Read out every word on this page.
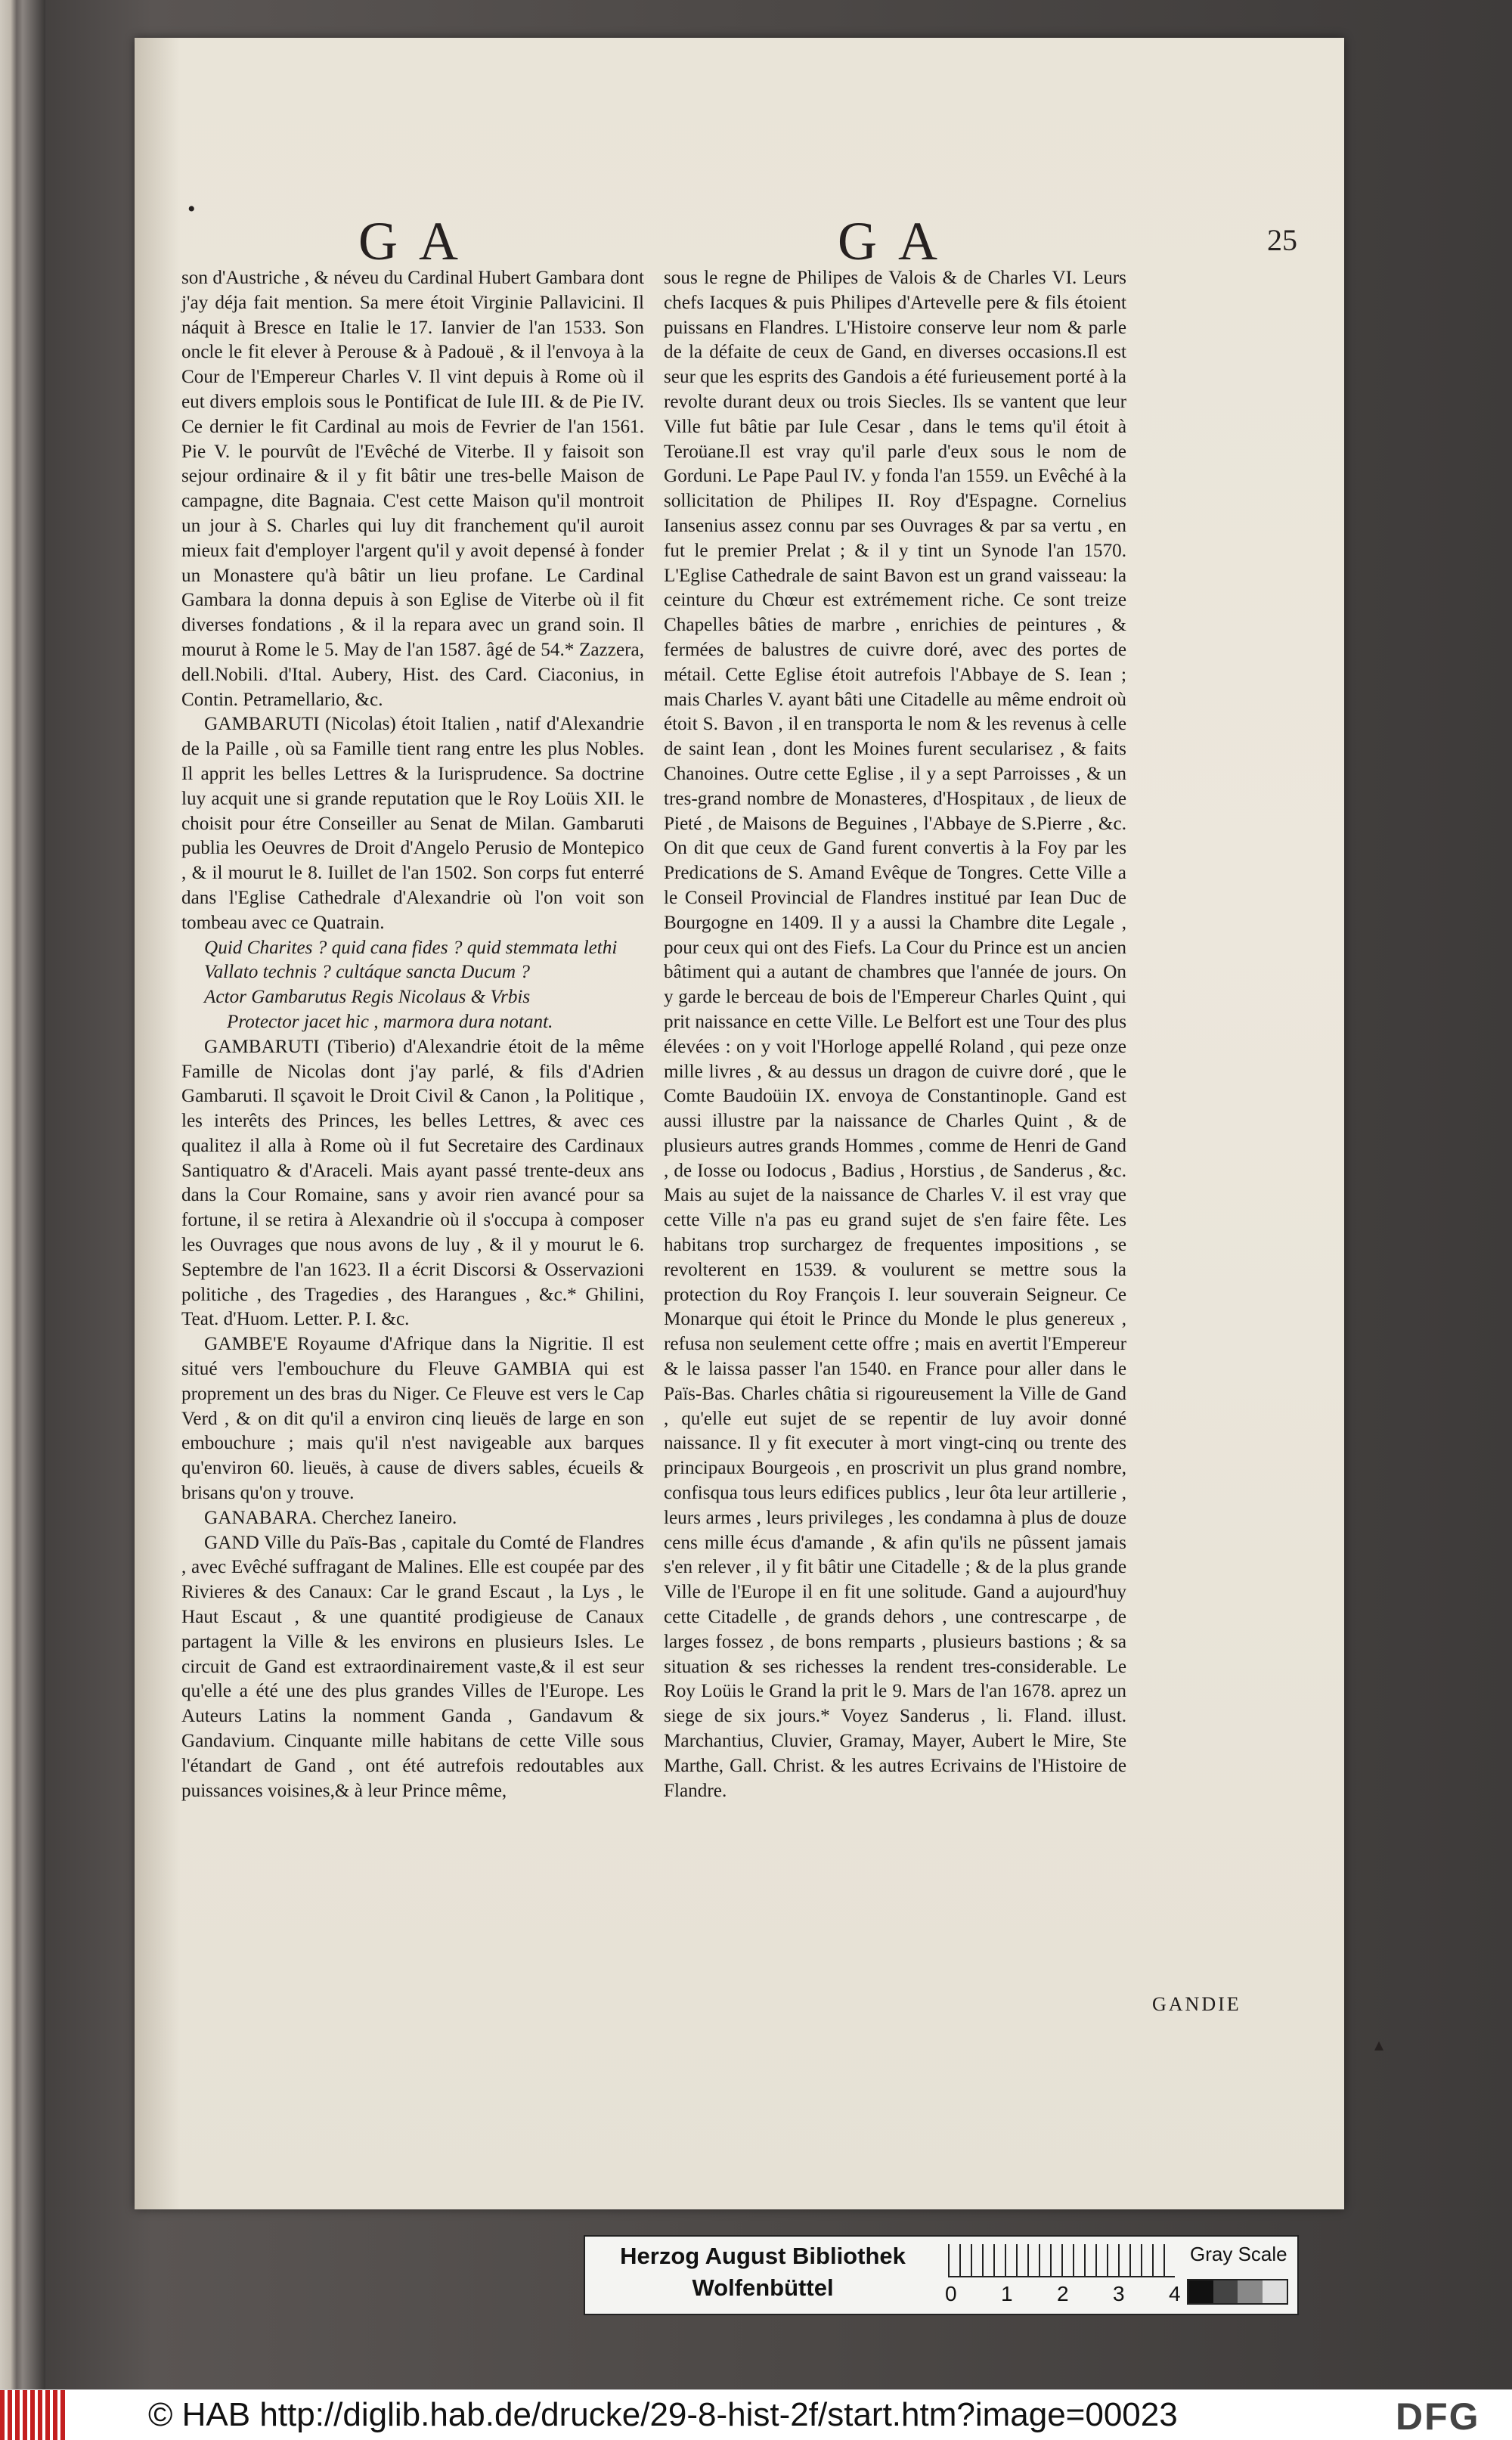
•
GA	GA	25

son d'Austriche , & néveu du Cardinal Hubert Gambara dont j'ay déja fait mention. Sa mere étoit Virginie Pallavicini. Il náquit à Bresce en Italie le 17. Ianvier de l'an 1533. Son oncle le fit elever à Perouse & à Padouë , & il l'envoya à la Cour de l'Empereur Charles V. Il vint depuis à Rome où il eut divers emplois sous le Pontificat de Iule III. & de Pie IV. Ce dernier le fit Cardinal au mois de Fevrier de l'an 1561. Pie V. le pourvût de l'Evêché de Viterbe. Il y faisoit son sejour ordinaire & il y fit bâtir une tres-belle Maison de campagne, dite Bagnaia. C'est cette Maison qu'il montroit un jour à S. Charles qui luy dit franchement qu'il auroit mieux fait d'employer l'argent qu'il y avoit depensé à fonder un Monastere qu'à bâtir un lieu profane. Le Cardinal Gambara la donna depuis à son Eglise de Viterbe où il fit diverses fondations , & il la repara avec un grand soin. Il mourut à Rome le 5. May de l'an 1587. âgé de 54.* Zazzera, dell.Nobili. d'Ital. Aubery, Hist. des Card. Ciaconius, in Contin. Petramellario, &c.

GAMBARUTI (Nicolas) étoit Italien , natif d'Alexandrie de la Paille , où sa Famille tient rang entre les plus Nobles. Il apprit les belles Lettres & la Iurisprudence. Sa doctrine luy acquit une si grande reputation que le Roy Loüis XII. le choisit pour étre Conseiller au Senat de Milan. Gambaruti publia les Oeuvres de Droit d'Angelo Perusio de Montepico , & il mourut le 8. Iuillet de l'an 1502. Son corps fut enterré dans l'Eglise Cathedrale d'Alexandrie où l'on voit son tombeau avec ce Quatrain.

Quid Charites ? quid cana fides ? quid stemmata lethi

Vallato technis ? cultáque sancta Ducum ?

Actor Gambarutus Regis Nicolaus & Vrbis

Protector jacet hic , marmora dura notant.

GAMBARUTI (Tiberio) d'Alexandrie étoit de la même Famille de Nicolas dont j'ay parlé, & fils d'Adrien Gambaruti. Il sçavoit le Droit Civil & Canon , la Politique , les interêts des Princes, les belles Lettres, & avec ces qualitez il alla à Rome où il fut Secretaire des Cardinaux Santiquatro & d'Araceli. Mais ayant passé trente-deux ans dans la Cour Romaine, sans y avoir rien avancé pour sa fortune, il se retira à Alexandrie où il s'occupa à composer les Ouvrages que nous avons de luy , & il y mourut le 6. Septembre de l'an 1623. Il a écrit Discorsi & Osservazioni politiche , des Tragedies , des Harangues , &c.* Ghilini, Teat. d'Huom. Letter. P. I. &c.

GAMBE'E Royaume d'Afrique dans la Nigritie. Il est situé vers l'embouchure du Fleuve GAMBIA qui est proprement un des bras du Niger. Ce Fleuve est vers le Cap Verd , & on dit qu'il a environ cinq lieuës de large en son embouchure ; mais qu'il n'est navigeable aux barques qu'environ 60. lieuës, à cause de divers sables, écueils & brisans qu'on y trouve.

GANABARA. Cherchez Ianeiro.

GAND Ville du Païs-Bas , capitale du Comté de Flandres , avec Evêché suffragant de Malines. Elle est coupée par des Rivieres & des Canaux: Car le grand Escaut , la Lys , le Haut Escaut , & une quantité prodigieuse de Canaux partagent la Ville & les environs en plusieurs Isles. Le circuit de Gand est extraordinairement vaste,& il est seur qu'elle a été une des plus grandes Villes de l'Europe. Les Auteurs Latins la nomment Ganda , Gandavum & Gandavium. Cinquante mille habitans de cette Ville sous l'étandart de Gand , ont été autrefois redoutables aux puissances voisines,& à leur Prince même,

sous le regne de Philipes de Valois & de Charles VI. Leurs chefs Iacques & puis Philipes d'Artevelle pere & fils étoient puissans en Flandres. L'Histoire conserve leur nom & parle de la défaite de ceux de Gand, en diverses occasions.Il est seur que les esprits des Gandois a été furieusement porté à la revolte durant deux ou trois Siecles. Ils se vantent que leur Ville fut bâtie par Iule Cesar , dans le tems qu'il étoit à Teroüane.Il est vray qu'il parle d'eux sous le nom de Gorduni. Le Pape Paul IV. y fonda l'an 1559. un Evêché à la sollicitation de Philipes II. Roy d'Espagne. Cornelius Iansenius assez connu par ses Ouvrages & par sa vertu , en fut le premier Prelat ; & il y tint un Synode l'an 1570. L'Eglise Cathedrale de saint Bavon est un grand vaisseau: la ceinture du Chœur est extrémement riche. Ce sont treize Chapelles bâties de marbre , enrichies de peintures , & fermées de balustres de cuivre doré, avec des portes de métail. Cette Eglise étoit autrefois l'Abbaye de S. Iean ; mais Charles V. ayant bâti une Citadelle au même endroit où étoit S. Bavon , il en transporta le nom & les revenus à celle de saint Iean , dont les Moines furent secularisez , & faits Chanoines. Outre cette Eglise , il y a sept Parroisses , & un tres-grand nombre de Monasteres, d'Hospitaux , de lieux de Pieté , de Maisons de Beguines , l'Abbaye de S.Pierre , &c. On dit que ceux de Gand furent convertis à la Foy par les Predications de S. Amand Evêque de Tongres. Cette Ville a le Conseil Provincial de Flandres institué par Iean Duc de Bourgogne en 1409. Il y a aussi la Chambre dite Legale , pour ceux qui ont des Fiefs. La Cour du Prince est un ancien bâtiment qui a autant de chambres que l'année de jours. On y garde le berceau de bois de l'Empereur Charles Quint , qui prit naissance en cette Ville. Le Belfort est une Tour des plus élevées : on y voit l'Horloge appellé Roland , qui peze onze mille livres , & au dessus un dragon de cuivre doré , que le Comte Baudoüin IX. envoya de Constantinople. Gand est aussi illustre par la naissance de Charles Quint , & de plusieurs autres grands Hommes , comme de Henri de Gand , de Iosse ou Iodocus , Badius , Horstius , de Sanderus , &c. Mais au sujet de la naissance de Charles V. il est vray que cette Ville n'a pas eu grand sujet de s'en faire fête. Les habitans trop surchargez de frequentes impositions , se revolterent en 1539. & voulurent se mettre sous la protection du Roy François I. leur souverain Seigneur. Ce Monarque qui étoit le Prince du Monde le plus genereux , refusa non seulement cette offre ; mais en avertit l'Empereur & le laissa passer l'an 1540. en France pour aller dans le Païs-Bas. Charles châtia si rigoureusement la Ville de Gand , qu'elle eut sujet de se repentir de luy avoir donné naissance. Il y fit executer à mort vingt-cinq ou trente des principaux Bourgeois , en proscrivit un plus grand nombre, confisqua tous leurs edifices publics , leur ôta leur artillerie , leurs armes , leurs privileges , les condamna à plus de douze cens mille écus d'amande , & afin qu'ils ne pûssent jamais s'en relever , il y fit bâtir une Citadelle ; & de la plus grande Ville de l'Europe il en fit une solitude. Gand a aujourd'huy cette Citadelle , de grands dehors , une contrescarpe , de larges fossez , de bons remparts , plusieurs bastions ; & sa situation & ses richesses la rendent tres-considerable. Le Roy Loüis le Grand la prit le 9. Mars de l'an 1678. aprez un siege de six jours.* Voyez Sanderus , li. Fland. illust. Marchantius, Cluvier, Gramay, Mayer, Aubert le Mire, Ste Marthe, Gall. Christ. & les autres Ecrivains de l'Histoire de Flandre.

GANDIE
▴
Herzog August Bibliothek
Wolfenbüttel	0 1 2 3 4
Gray Scale
© HAB http://diglib.hab.de/drucke/29-8-hist-2f/start.htm?image=00023	DFG
